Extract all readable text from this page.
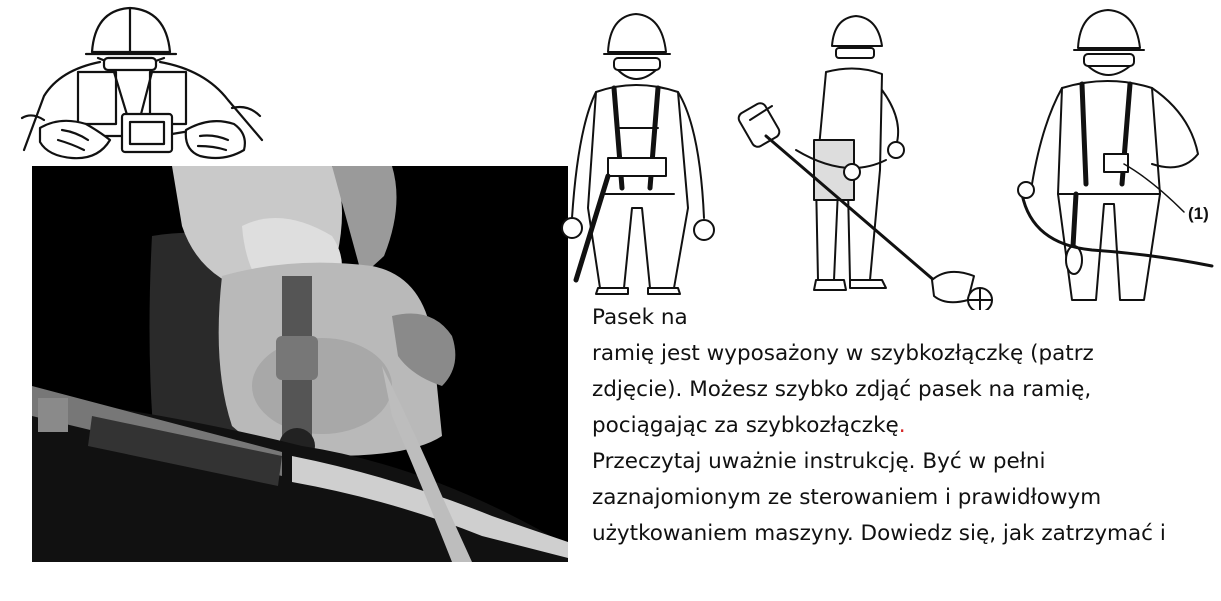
(1)
Pasek na
ramię jest wyposażony w szybkozłączkę (patrz
zdjęcie). Możesz szybko zdjąć pasek na ramię,
pociągając za szybkozłączkę.
Przeczytaj uważnie instrukcję. Być w pełni
zaznajomionym ze sterowaniem i prawidłowym
użytkowaniem maszyny. Dowiedz się, jak zatrzymać i
